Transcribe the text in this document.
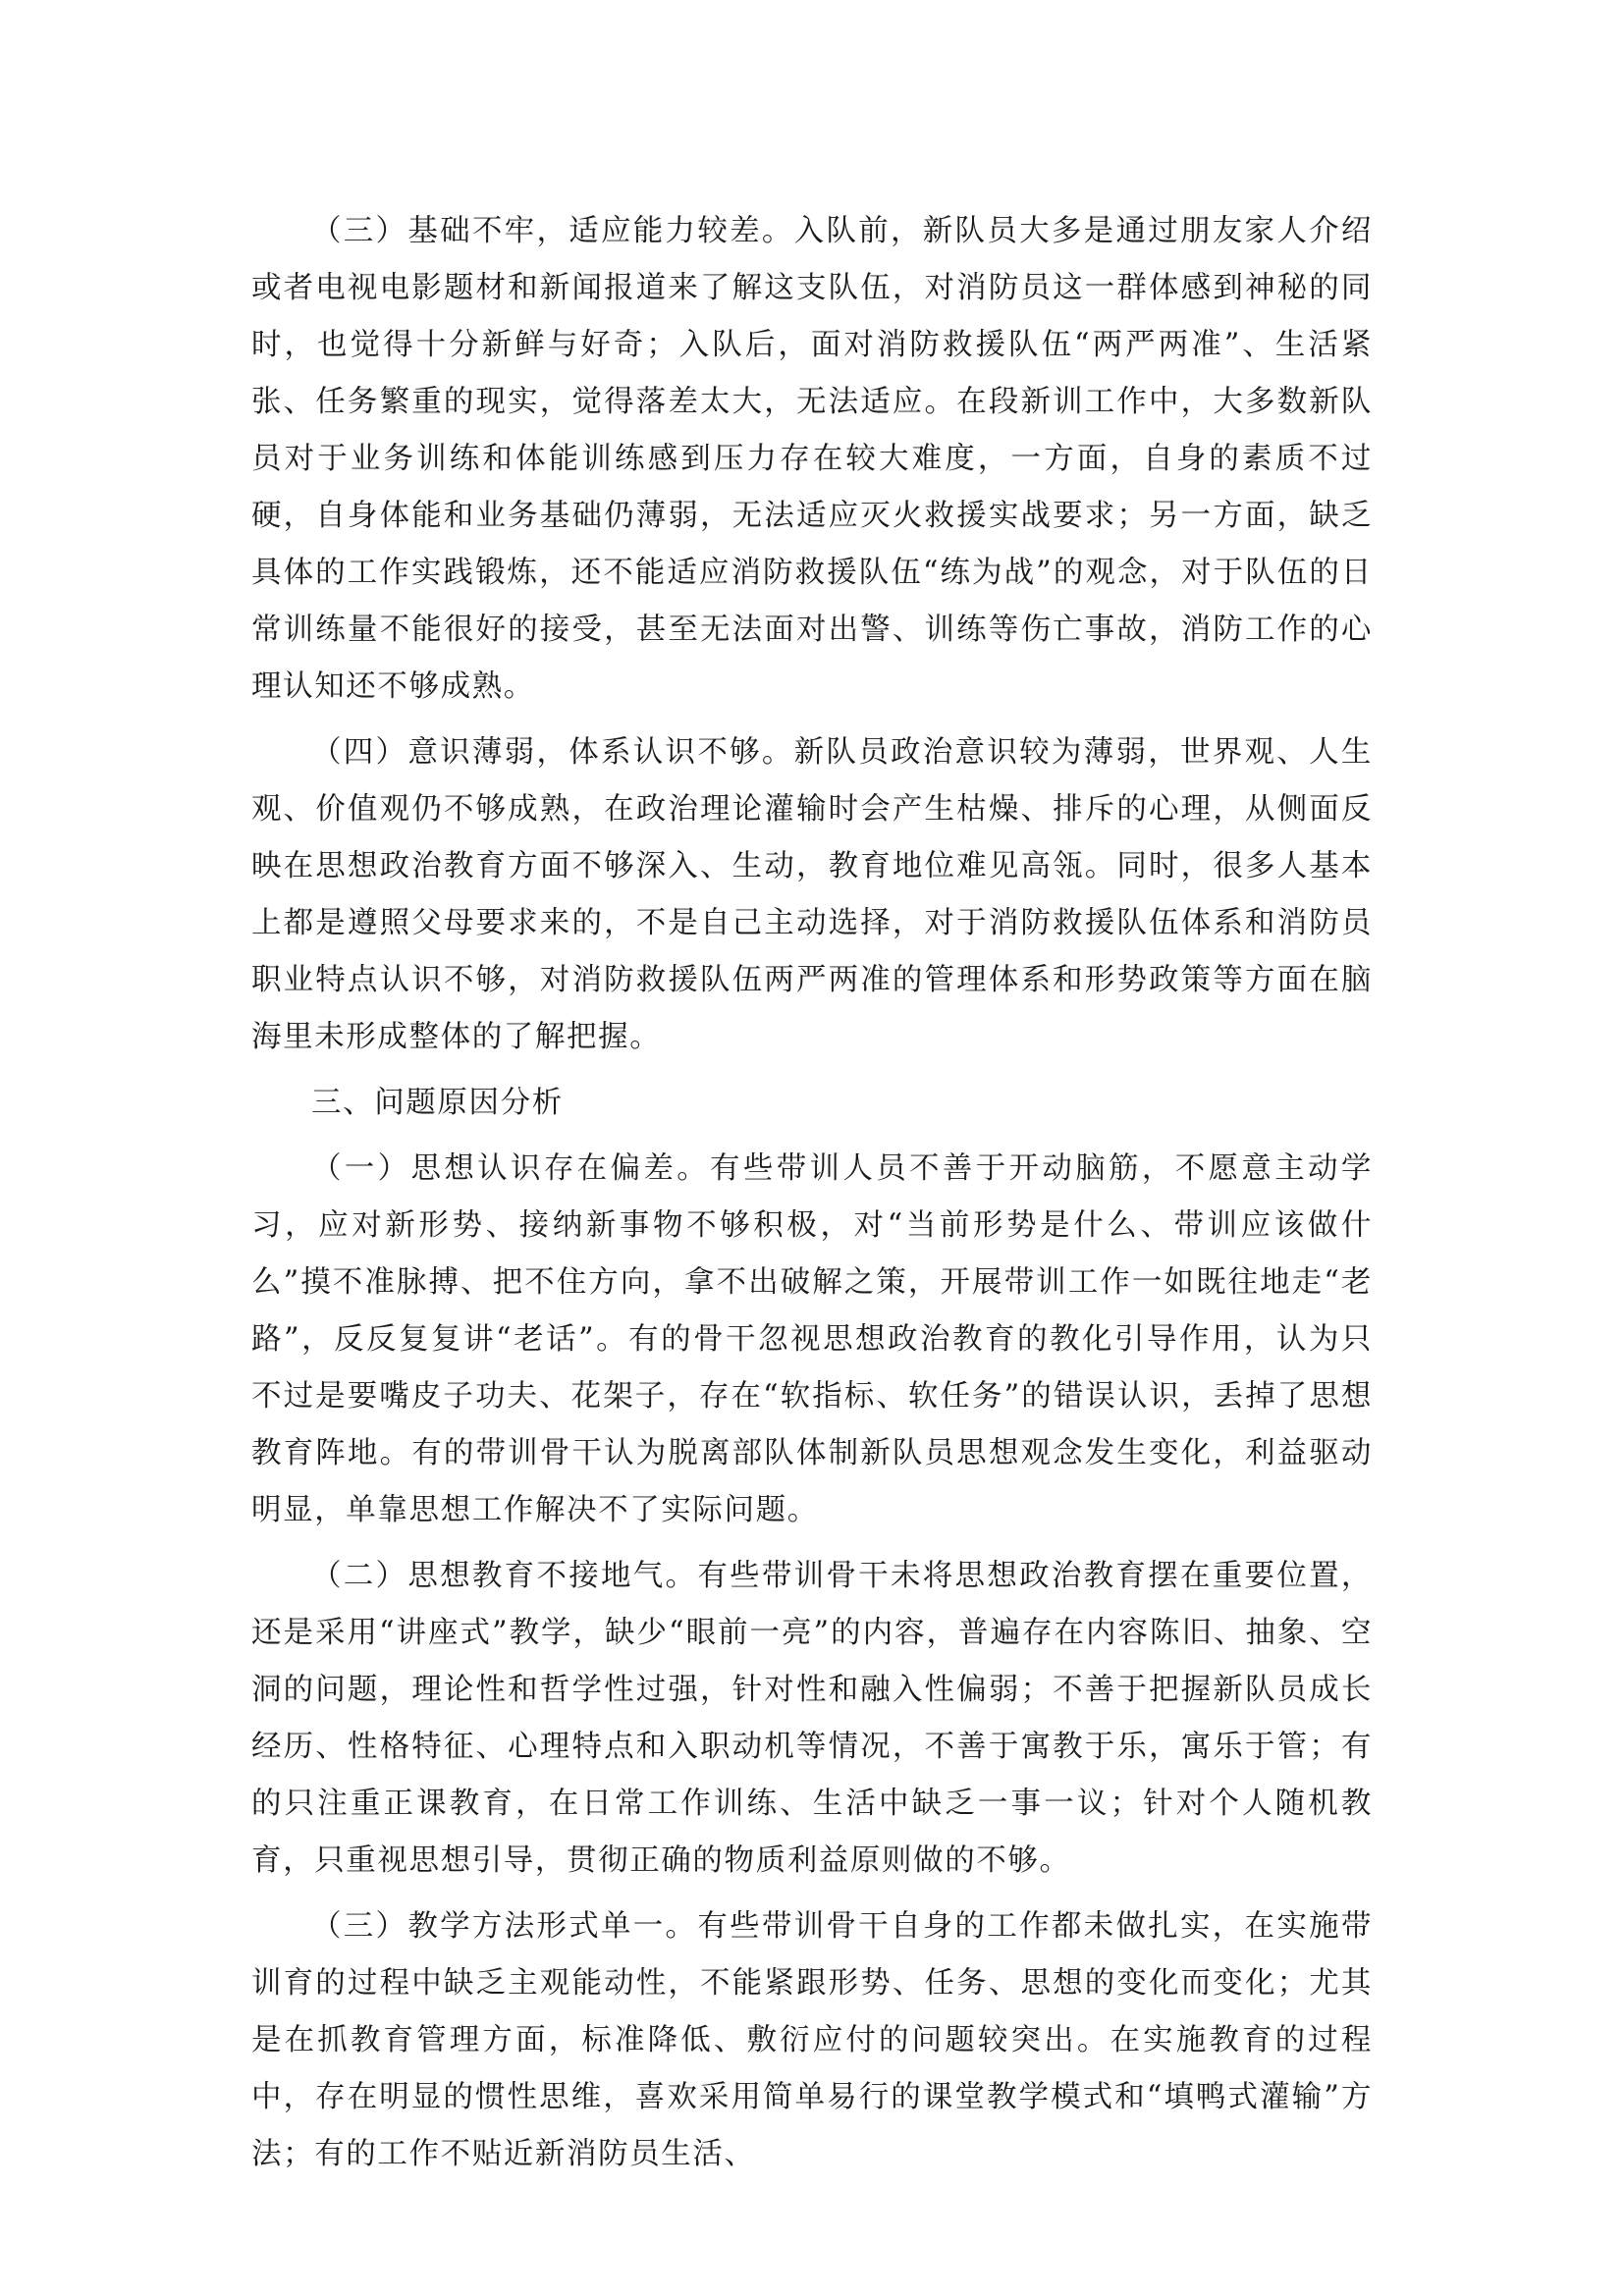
（三）基础不牢，适应能力较差。入队前，新队员大多是通过朋友家人介绍或者电视电影题材和新闻报道来了解这支队伍，对消防员这一群体感到神秘的同时，也觉得十分新鲜与好奇；入队后，面对消防救援队伍“两严两准”、生活紧张、任务繁重的现实，觉得落差太大，无法适应。在段新训工作中，大多数新队员对于业务训练和体能训练感到压力存在较大难度，一方面，自身的素质不过硬，自身体能和业务基础仍薄弱，无法适应灭火救援实战要求；另一方面，缺乏具体的工作实践锻炼，还不能适应消防救援队伍“练为战”的观念，对于队伍的日常训练量不能很好的接受，甚至无法面对出警、训练等伤亡事故，消防工作的心理认知还不够成熟。

（四）意识薄弱，体系认识不够。新队员政治意识较为薄弱，世界观、人生观、价值观仍不够成熟，在政治理论灌输时会产生枯燥、排斥的心理，从侧面反映在思想政治教育方面不够深入、生动，教育地位难见高瓴。同时，很多人基本上都是遵照父母要求来的，不是自己主动选择，对于消防救援队伍体系和消防员职业特点认识不够，对消防救援队伍两严两准的管理体系和形势政策等方面在脑海里未形成整体的了解把握。

三、问题原因分析

（一）思想认识存在偏差。有些带训人员不善于开动脑筋，不愿意主动学习，应对新形势、接纳新事物不够积极，对“当前形势是什么、带训应该做什么”摸不准脉搏、把不住方向，拿不出破解之策，开展带训工作一如既往地走“老路”，反反复复讲“老话”。有的骨干忽视思想政治教育的教化引导作用，认为只不过是要嘴皮子功夫、花架子，存在“软指标、软任务”的错误认识，丢掉了思想教育阵地。有的带训骨干认为脱离部队体制新队员思想观念发生变化，利益驱动明显，单靠思想工作解决不了实际问题。

（二）思想教育不接地气。有些带训骨干未将思想政治教育摆在重要位置，还是采用“讲座式”教学，缺少“眼前一亮”的内容，普遍存在内容陈旧、抽象、空洞的问题，理论性和哲学性过强，针对性和融入性偏弱；不善于把握新队员成长经历、性格特征、心理特点和入职动机等情况，不善于寓教于乐，寓乐于管；有的只注重正课教育，在日常工作训练、生活中缺乏一事一议；针对个人随机教育，只重视思想引导，贯彻正确的物质利益原则做的不够。

（三）教学方法形式单一。有些带训骨干自身的工作都未做扎实，在实施带训育的过程中缺乏主观能动性，不能紧跟形势、任务、思想的变化而变化；尤其是在抓教育管理方面，标准降低、敷衍应付的问题较突出。在实施教育的过程中，存在明显的惯性思维，喜欢采用简单易行的课堂教学模式和“填鸭式灌输”方法；有的工作不贴近新消防员生活、
